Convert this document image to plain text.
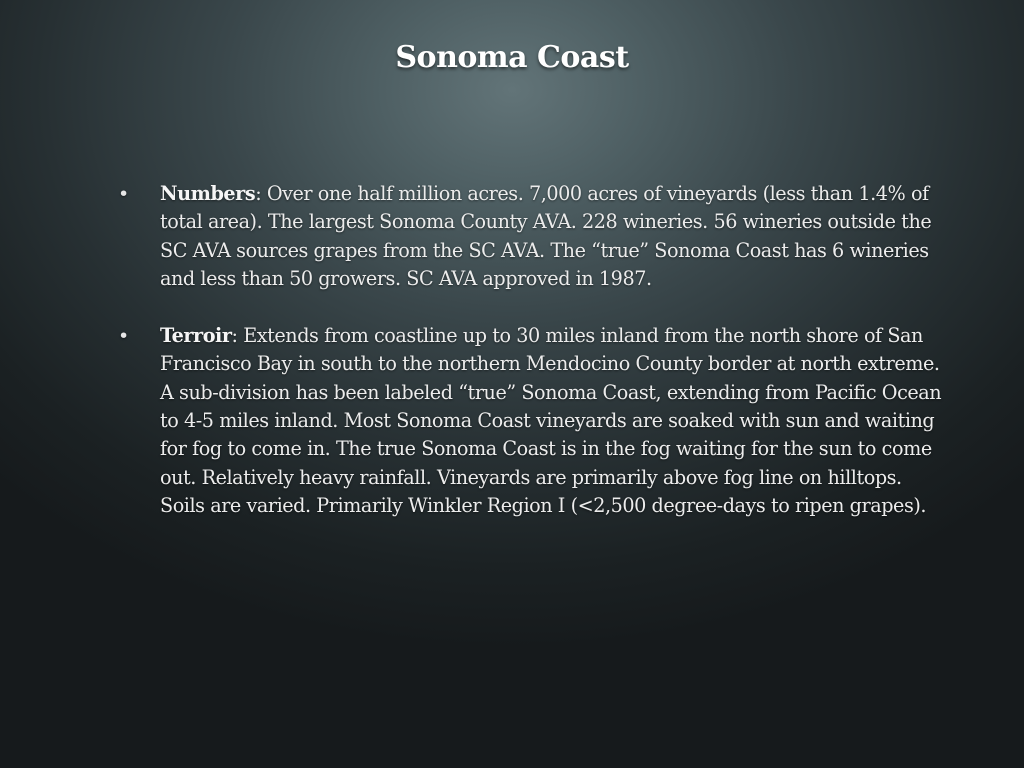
Sonoma Coast
• Numbers: Over one half million acres. 7,000 acres of vineyards (less than 1.4% of total area). The largest Sonoma County AVA. 228 wineries. 56 wineries outside the SC AVA sources grapes from the SC AVA. The “true” Sonoma Coast has 6 wineries and less than 50 growers. SC AVA approved in 1987.
• Terroir: Extends from coastline up to 30 miles inland from the north shore of San Francisco Bay in south to the northern Mendocino County border at north extreme. A sub-division has been labeled “true” Sonoma Coast, extending from Pacific Ocean to 4-5 miles inland. Most Sonoma Coast vineyards are soaked with sun and waiting for fog to come in. The true Sonoma Coast is in the fog waiting for the sun to come out. Relatively heavy rainfall. Vineyards are primarily above fog line on hilltops. Soils are varied. Primarily Winkler Region I (<2,500 degree-days to ripen grapes).
